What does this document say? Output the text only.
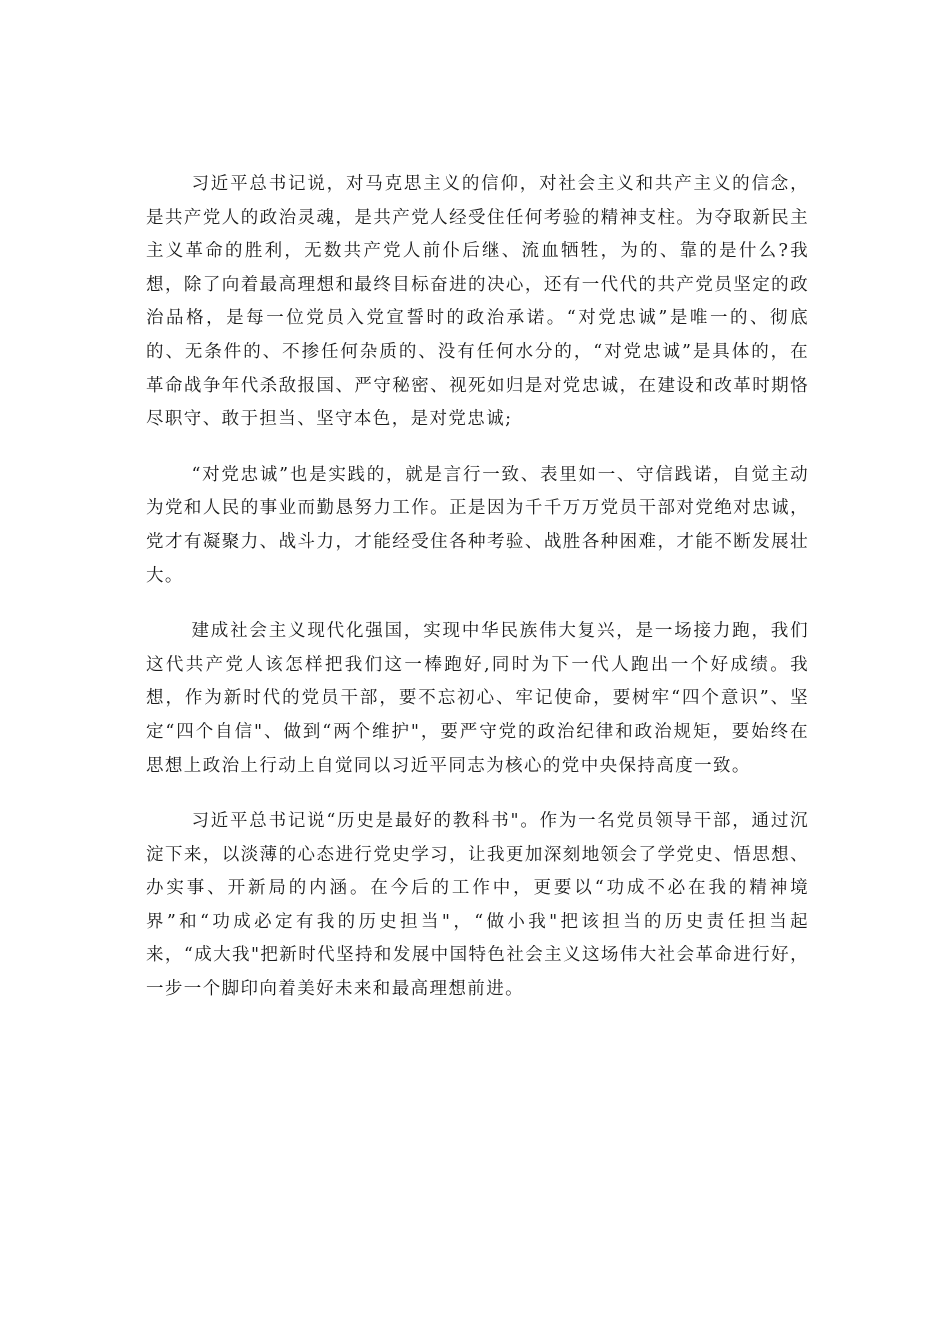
习近平总书记说，对马克思主义的信仰，对社会主义和共产主义的信念，是共产党人的政治灵魂，是共产党人经受住任何考验的精神支柱。为夺取新民主主义革命的胜利，无数共产党人前仆后继、流血牺牲，为的、靠的是什么?我想，除了向着最高理想和最终目标奋进的决心，还有一代代的共产党员坚定的政治品格，是每一位党员入党宣誓时的政治承诺。“对党忠诚”是唯一的、彻底的、无条件的、不掺任何杂质的、没有任何水分的，“对党忠诚”是具体的，在革命战争年代杀敌报国、严守秘密、视死如归是对党忠诚，在建设和改革时期恪尽职守、敢于担当、坚守本色，是对党忠诚;

“对党忠诚”也是实践的，就是言行一致、表里如一、守信践诺，自觉主动为党和人民的事业而勤恳努力工作。正是因为千千万万党员干部对党绝对忠诚，党才有凝聚力、战斗力，才能经受住各种考验、战胜各种困难，才能不断发展壮大。

建成社会主义现代化强国，实现中华民族伟大复兴，是一场接力跑，我们这代共产党人该怎样把我们这一棒跑好,同时为下一代人跑出一个好成绩。我想，作为新时代的党员干部，要不忘初心、牢记使命，要树牢“四个意识”、坚定“四个自信"、做到“两个维护"，要严守党的政治纪律和政治规矩，要始终在思想上政治上行动上自觉同以习近平同志为核心的党中央保持高度一致。

习近平总书记说“历史是最好的教科书"。作为一名党员领导干部，通过沉淀下来，以淡薄的心态进行党史学习，让我更加深刻地领会了学党史、悟思想、办实事、开新局的内涵。在今后的工作中，更要以“功成不必在我的精神境界”和“功成必定有我的历史担当"，“做小我"把该担当的历史责任担当起来，“成大我"把新时代坚持和发展中国特色社会主义这场伟大社会革命进行好，一步一个脚印向着美好未来和最高理想前进。
